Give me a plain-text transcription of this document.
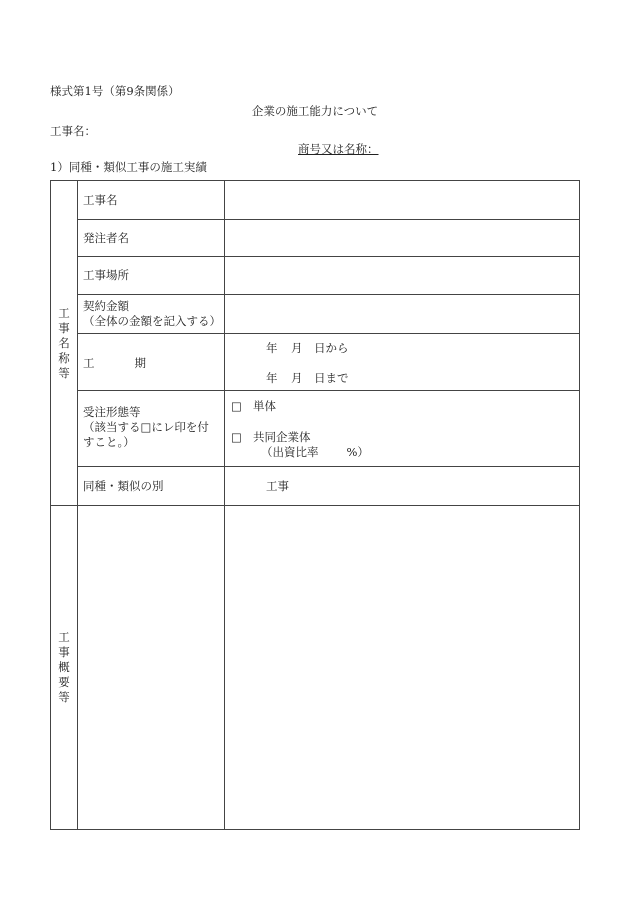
様式第1号（第9条関係）
企業の施工能力について
工事名：
商号又は名称：
1）同種・類似工事の施工実績
工
事
名
称
等
工事名
発注者名
工事場所
契約金額
（全体の金額を記入する）
工	期
年 月 日から
年 月 日まで
受注形態等
（該当する□にレ印を付
すこと。）
□ 単体
□ 共同企業体
（出資比率 %）
同種・類似の別	工事
工
事
概
要
等
